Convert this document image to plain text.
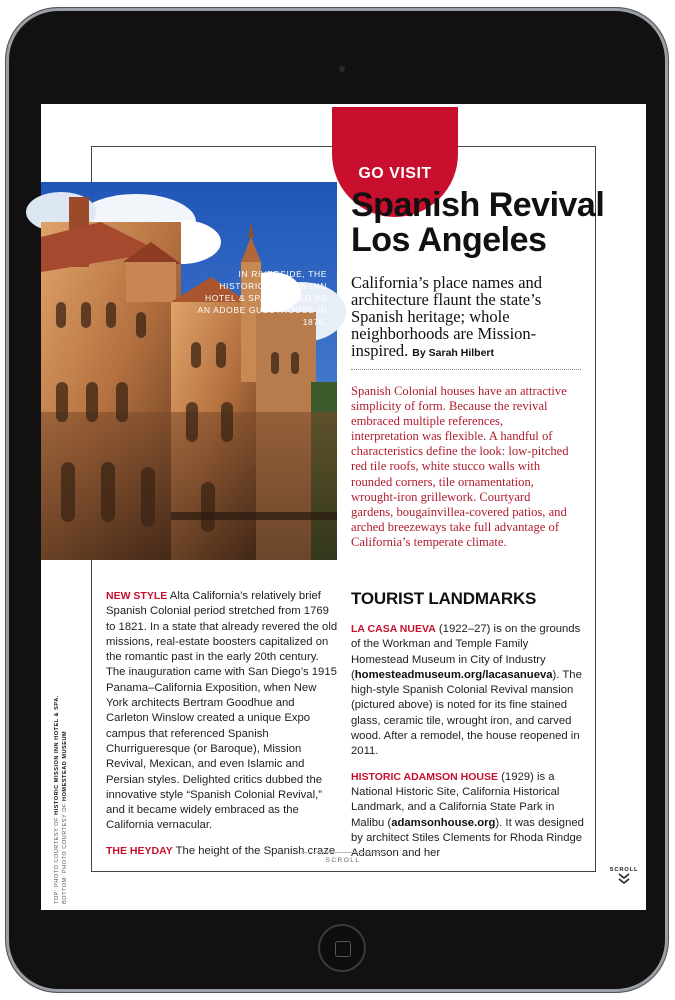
GO VISIT
IN RIVERSIDE, THE HISTORIC MISSION INN HOTEL & SPA STARTED AS AN ADOBE GUESTHOUSE IN 1876.
Spanish Revival Los Angeles
California’s place names and architecture flaunt the state’s Spanish heritage; whole neighborhoods are Mission-inspired. By Sarah Hilbert
Spanish Colonial houses have an attractive simplicity of form. Because the revival embraced multiple references, interpretation was flexible. A handful of characteristics define the look: low-pitched red tile roofs, white stucco walls with rounded corners, tile ornamentation, wrought-iron grillework. Courtyard gardens, bougainvillea-covered patios, and arched breezeways take full advantage of California’s temperate climate.

NEW STYLE Alta California’s relatively brief Spanish Colonial period stretched from 1769 to 1821. In a state that already revered the old missions, real-estate boosters capitalized on the romantic past in the early 20th century. The inauguration came with San Diego’s 1915 Panama–California Exposition, when New York architects Bertram Goodhue and Carleton Winslow created a unique Expo campus that referenced Spanish Churrigueresque (or Baroque), Mission Revival, Mexican, and even Islamic and Persian styles. Delighted critics dubbed the innovative style “Spanish Colonial Revival,” and it became widely embraced as the California vernacular.

THE HEYDAY The height of the Spanish craze

TOURIST LANDMARKS

LA CASA NUEVA (1922–27) is on the grounds of the Workman and Temple Family Homestead Museum in City of Industry (homesteadmuseum.org/lacasanueva). The high-style Spanish Colonial Revival mansion (pictured above) is noted for its fine stained glass, ceramic tile, wrought iron, and carved wood. After a remodel, the house reopened in 2011.

HISTORIC ADAMSON HOUSE (1929) is a National Historic Site, California Historical Landmark, and a California State Park in Malibu (adamsonhouse.org). It was designed by architect Stiles Clements for Rhoda Rindge Adamson and her

TOP: PHOTO COURTESY OF HISTORIC MISSION INN HOTEL & SPA.
BOTTOM: PHOTO COURTESY OF HOMESTEAD MUSEUM
SCROLL
SCROLL
